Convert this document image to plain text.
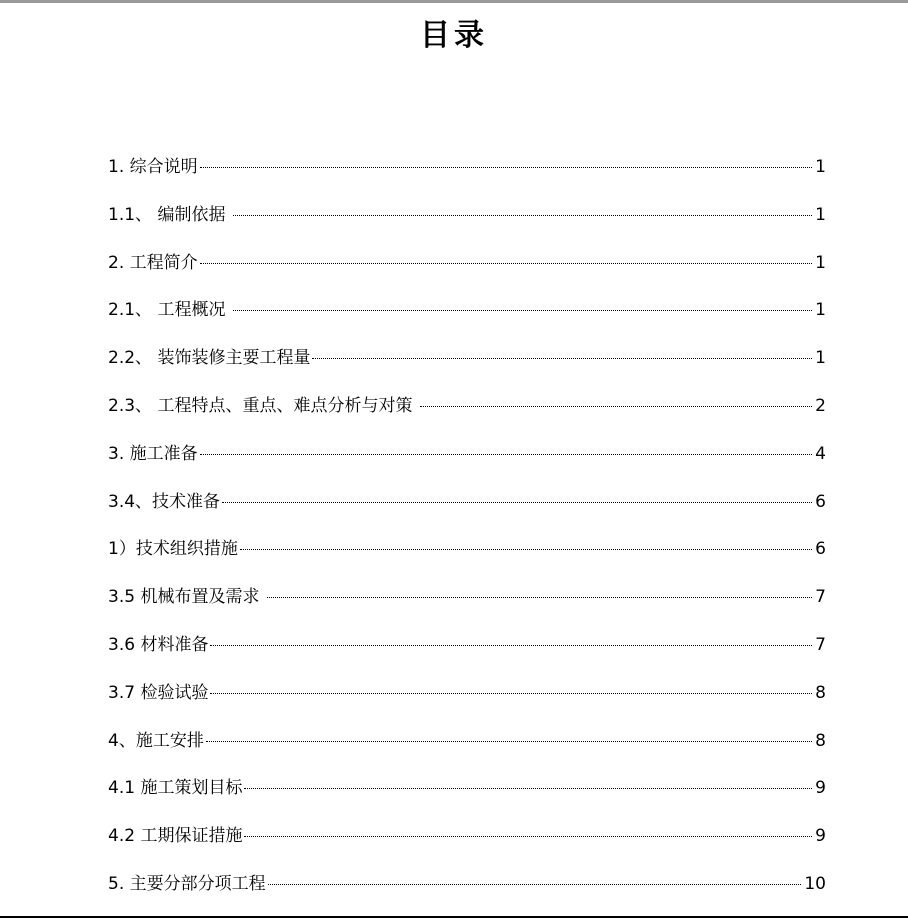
目录
1. 综合说明	1
1.1、 编制依据	1
2. 工程简介	1
2.1、 工程概况	1
2.2、 装饰装修主要工程量	1
2.3、 工程特点、重点、难点分析与对策	2
3. 施工准备	4
3.4、 技术准备	6
1） 技术组织措施	6
3.5 机械布置及需求	7
3.6 材料准备	7
3.7 检验试验	8
4、 施工安排	8
4.1 施工策划目标	9
4.2 工期保证措施	9
5. 主要分部分项工程	10
